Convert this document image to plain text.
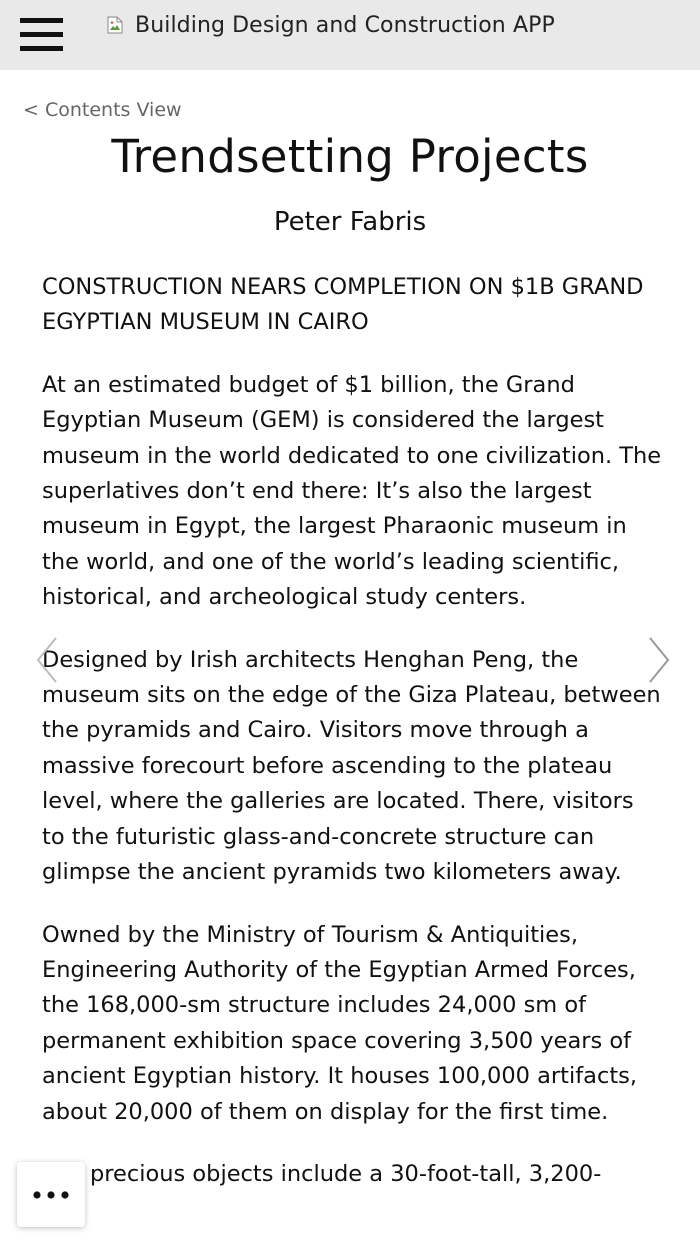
Building Design and Construction APP
< Contents View
Trendsetting Projects
Peter Fabris

CONSTRUCTION NEARS COMPLETION ON $1B GRAND EGYPTIAN MUSEUM IN CAIRO

At an estimated budget of $1 billion, the Grand Egyptian Museum (GEM) is considered the largest museum in the world dedicated to one civilization. The superlatives don’t end there: It’s also the largest museum in Egypt, the largest Pharaonic museum in the world, and one of the world’s leading scientific, historical, and archeological study centers.

Designed by Irish architects Henghan Peng, the museum sits on the edge of the Giza Plateau, between the pyramids and Cairo. Visitors move through a massive forecourt before ascending to the plateau level, where the galleries are located. There, visitors to the futuristic glass-and-concrete structure can glimpse the ancient pyramids two kilometers away.

Owned by the Ministry of Tourism & Antiquities, Engineering Authority of the Egyptian Armed Forces, the 168,000-sm structure includes 24,000 sm of permanent exhibition space covering 3,500 years of ancient Egyptian history. It houses 100,000 artifacts, about 20,000 of them on display for the first time.

precious objects include a 30-foot-tall, 3,200-
